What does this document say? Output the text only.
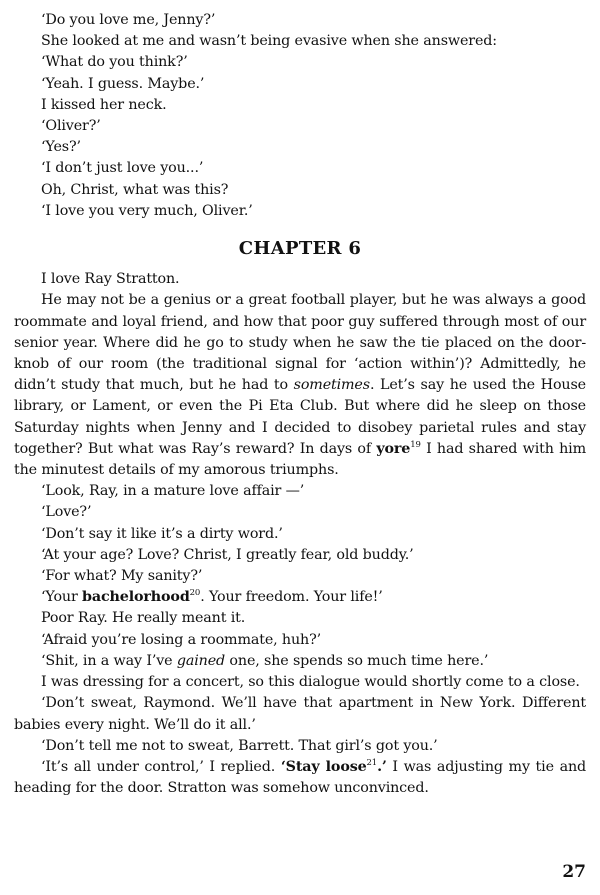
‘Do you love me, Jenny?’

She looked at me and wasn’t being evasive when she answered:

‘What do you think?’

‘Yeah. I guess. Maybe.’

I kissed her neck.

‘Oliver?’

‘Yes?’

‘I don’t just love you...’

Oh, Christ, what was this?

‘I love you very much, Oliver.’

CHAPTER 6

I love Ray Stratton.

He may not be a genius or a great football player, but he was always a good roommate and loyal friend, and how that poor guy suffered through most of our senior year. Where did he go to study when he saw the tie placed on the door-knob of our room (the traditional signal for ‘action within’)? Admittedly, he didn’t study that much, but he had to sometimes. Let’s say he used the House library, or Lament, or even the Pi Eta Club. But where did he sleep on those Saturday nights when Jenny and I decided to disobey parietal rules and stay together? But what was Ray’s reward? In days of yore$^{19}$ I had shared with him the minutest details of my amorous triumphs.

‘Look, Ray, in a mature love affair —’

‘Love?’

‘Don’t say it like it’s a dirty word.’

‘At your age? Love? Christ, I greatly fear, old buddy.’

‘For what? My sanity?’

‘Your bachelorhood$^{20}$. Your freedom. Your life!’

Poor Ray. He really meant it.

‘Afraid you’re losing a roommate, huh?’

‘Shit, in a way I’ve gained one, she spends so much time here.’

I was dressing for a concert, so this dialogue would shortly come to a close.

‘Don’t sweat, Raymond. We’ll have that apartment in New York. Different babies every night. We’ll do it all.’

‘Don’t tell me not to sweat, Barrett. That girl’s got you.’

‘It’s all under control,’ I replied. ‘Stay loose$^{21}$.’ I was adjusting my tie and heading for the door. Stratton was somehow unconvinced.

27
